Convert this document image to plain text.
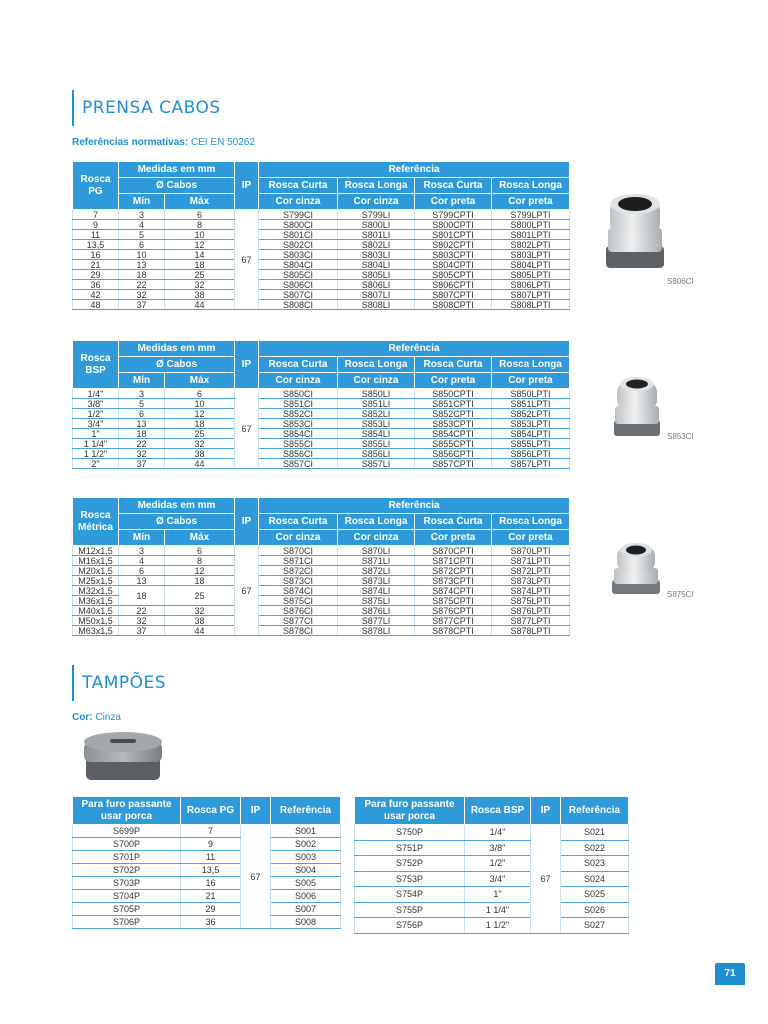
PRENSA CABOS
Referências normativas: CEI EN 50262
Rosca PG	Medidas em mm		IP	Referência			
	Ø Cabos			Rosca Curta	Rosca Longa	Rosca Curta	Rosca Longa
	Mín	Máx		Cor cinza	Cor cinza	Cor preta	Cor preta
7	3	6	67	S799CI	S799LI	S799CPTI	S799LPTI
9	4	8		S800CI	S800LI	S800CPTI	S800LPTI
11	5	10		S801CI	S801LI	S801CPTI	S801LPTI
13,5	6	12		S802CI	S802LI	S802CPTI	S802LPTI
16	10	14		S803CI	S803LI	S803CPTI	S803LPTI
21	13	18		S804CI	S804LI	S804CPTI	S804LPTI
29	18	25		S805CI	S805LI	S805CPTI	S805LPTI
36	22	32		S806CI	S806LI	S806CPTI	S806LPTI
42	32	38		S807CI	S807LI	S807CPTI	S807LPTI
48	37	44		S808CI	S808LI	S808CPTI	S808LPTI
Rosca BSP	Medidas em mm		IP	Referência			
	Ø Cabos			Rosca Curta	Rosca Longa	Rosca Curta	Rosca Longa
	Mín	Máx		Cor cinza	Cor cinza	Cor preta	Cor preta
1/4"	3	6	67	S850CI	S850LI	S850CPTI	S850LPTI
3/8"	5	10		S851CI	S851LI	S851CPTI	S851LPTI
1/2"	6	12		S852CI	S852LI	S852CPTI	S852LPTI
3/4"	13	18		S853CI	S853LI	S853CPTI	S853LPTI
1"	18	25		S854CI	S854LI	S854CPTI	S854LPTI
1 1/4"	22	32		S855CI	S855LI	S855CPTI	S855LPTI
1 1/2"	32	38		S856CI	S856LI	S856CPTI	S856LPTI
2"	37	44		S857CI	S857LI	S857CPTI	S857LPTI
Rosca Métrica	Medidas em mm		IP	Referência			
	Ø Cabos			Rosca Curta	Rosca Longa	Rosca Curta	Rosca Longa
	Mín	Máx		Cor cinza	Cor cinza	Cor preta	Cor preta
M12x1,5	3	6	67	S870CI	S870LI	S870CPTI	S870LPTI
M16x1,5	4	8		S871CI	S871LI	S871CPTI	S871LPTI
M20x1,5	6	12		S872CI	S872LI	S872CPTI	S872LPTI
M25x1,5	13	18		S873CI	S873LI	S873CPTI	S873LPTI
M32x1,5	18	25		S874CI	S874LI	S874CPTI	S874LPTI
M36x1,5				S875CI	S875LI	S875CPTI	S875LPTI
M40x1,5	22	32		S876CI	S876LI	S876CPTI	S876LPTI
M50x1,5	32	38		S877CI	S877LI	S877CPTI	S877LPTI
M63x1,5	37	44		S878CI	S878LI	S878CPTI	S878LPTI
S806CI
S853CI
S875CI
TAMPÕES
Cor: Cinza
Para furo passante usar porca	Rosca PG	IP	Referência
S699P	7	67	S001
S700P	9		S002
S701P	11		S003
S702P	13,5		S004
S703P	16		S005
S704P	21		S006
S705P	29		S007
S706P	36		S008
Para furo passante usar porca	Rosca BSP	IP	Referência
S750P	1/4"	67	S021
S751P	3/8"		S022
S752P	1/2"		S023
S753P	3/4"		S024
S754P	1"		S025
S755P	1 1/4"		S026
S756P	1 1/2"		S027
71
